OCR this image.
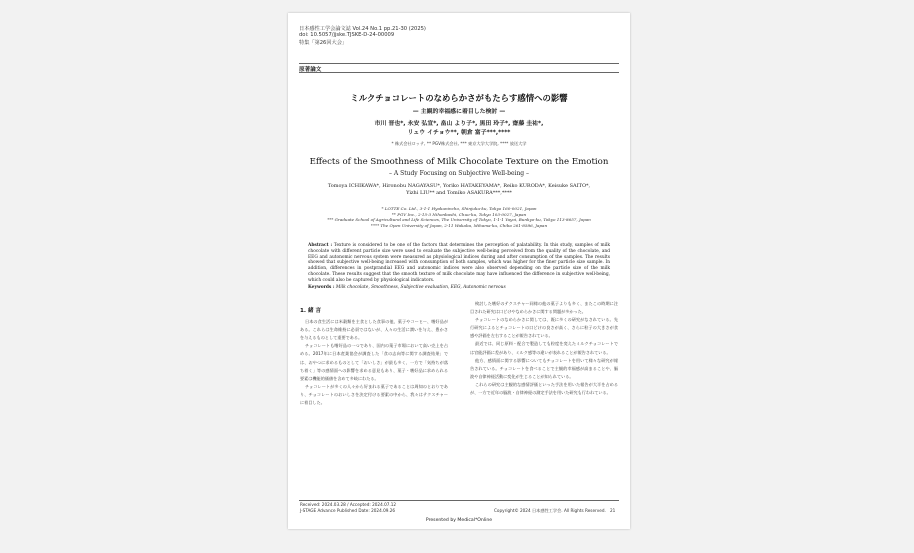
日本感性工学会論文誌 Vol.24 No.1 pp.21-30 (2025)
doi: 10.5057/jjske.TJSKE-D-24-00009
特集「第26回大会」
原著論文
ミルクチョコレートのなめらかさがもたらす感情への影響
— 主観的幸福感に着目した検討 —
市川 晋也*, 永安 弘宣*, 畠山 より子*, 黒田 玲子*, 齋藤 圭祐*,
リュウ イチョウ**, 朝倉 富子***,****
* 株式会社ロッテ, ** PGV株式会社, *** 東京大学大学院, **** 放送大学
Effects of the Smoothness of Milk Chocolate Texture on the Emotion
– A Study Focusing on Subjective Well-being –
Tomoya ICHIKAWA*, Hironobu NAGAYASU*, Yoriko HATAKEYAMA*, Reiko KURODA*, Keisuke SAITO*,
Yizhi LIU** and Tomiko ASAKURA***,****
* LOTTE Co. Ltd., 3-1-1 Hyakunincho, Shinjuku-ku, Tokyo 160-0021, Japan
** PGV Inc., 2-15-3 Nihonbashi, Chuo-ku, Tokyo 103-0027, Japan
*** Graduate School of Agricultural and Life Sciences, The University of Tokyo, 1-1-1 Yayoi, Bunkyo-ku, Tokyo 113-8657, Japan
**** The Open University of Japan, 2-11 Wakaba, Mihama-ku, Chiba 261-8586, Japan
Abstract : Texture is considered to be one of the factors that determines the perception of palatability. In this study, samples of milk chocolate with different particle size were used to evaluate the subjective well-being perceived from the quality of the chocolate, and EEG and autonomic nervous system were measured as physiological indices during and after consumption of the samples. The results showed that subjective well-being increased with consumption of both samples, which was higher for the finer particle size sample. In addition, differences in postprandial EEG and autonomic indices were also observed depending on the particle size of the milk chocolate. These results suggest that the smooth texture of milk chocolate may have influenced the difference in subjective well-being, which could also be captured by physiological indicators.
Keywords : Milk chocolate, Smoothness, Subjective evaluation, EEG, Autonomic nervous
1. 緒 言

日本の食生活には米穀類を主食とした食事の他、菓子やコーヒー、嗜好品がある。これらは生命維持に必須ではないが、人々の生活に潤いを与え、豊かさを与えるものとして重要である。

チョコレートも嗜好品の一つであり、国内の菓子市場において高い売上を占める。2017年に日本産業協会が調査した「食の志向等に関する調査結果」では、おやつに求めるものとして「おいしさ」が最も多く、一方で「気持ちが落ち着く」等の感情面への影響を求める意見もあり、菓子・嗜好品に求められる要素は機能的価値を含めて多岐にわたる。

チョコレートが多くの人々から好まれる菓子であることは周知のとおりであり、チョコレートのおいしさを決定付ける要素の中から、我々はテクスチャーに着目した。

検討した嗜好のテクスチャー同様の他の菓子よりも多く、またこの時期に注目された研究は口どけやなめらかさに関する問題が多かった。

チョコレートのなめらかさに関しては、既に多くの研究がなされている。先行研究によるとチョコレートの口どけの良さが高く、さらに粒子の大きさが食感や評価を左右することが報告されている。

最近では、同じ原料・配合で製造しても粒度を変えたミルクチョコレートでは官能評価に差があり、ミルク感等の違いが表れることが報告されている。

他方、感情面に関する影響についてもチョコレートを用いて様々な研究が報告されている。チョコレートを食べることで主観的幸福感が高まることや、脳波や自律神経活動に変化が生じることが知られている。

これらの研究は主観的な感情評価といった手法を用いた報告が大半を占めるが、一方で近年の脳波・自律神経の測定手法を用いた研究も行われている。

Received: 2024.03.28 / Accepted: 2024.07.12
J-STAGE Advance Published Date: 2024.09.26	Copyright© 2024 日本感性工学会. All Rights Reserved. 21
Presented by Medical*Online
